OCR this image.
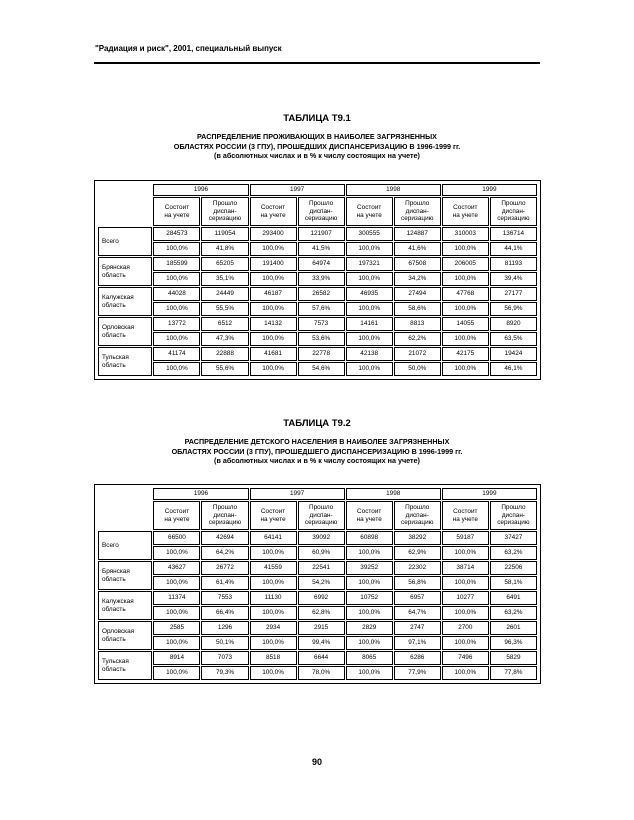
"Радиация и риск", 2001, специальный выпуск
ТАБЛИЦА Т9.1
РАСПРЕДЕЛЕНИЕ ПРОЖИВАЮЩИХ В НАИБОЛЕЕ ЗАГРЯЗНЕННЫХ
ОБЛАСТЯХ РОССИИ (3 ГПУ), ПРОШЕДШИХ ДИСПАНСЕРИЗАЦИЮ В 1996-1999 гг.
(в абсолютных числах и в % к числу состоящих на учете)
	1996		1997		1998		1999	
	Состоит
на учете	Прошло
диспан-
серизацию	Состоит
на учете	Прошло
диспан-
серизацию	Состоит
на учете	Прошло
диспан-
серизацию	Состоит
на учете	Прошло
диспан-
серизацию
Всего	284573	119054	293400	121907	300555	124887	310003	136714
	100,0%	41,8%	100,0%	41,5%	100,0%	41,6%	100,0%	44,1%
Брянская
область	185599	65205	191400	64974	197321	67508	206005	81193
	100,0%	35,1%	100,0%	33,9%	100,0%	34,2%	100,0%	39,4%
Калужская
область	44028	24449	46187	26582	46935	27494	47768	27177
	100,0%	55,5%	100,0%	57,6%	100,0%	58,6%	100,0%	56,9%
Орловская
область	13772	6512	14132	7573	14161	8813	14055	8920
	100,0%	47,3%	100,0%	53,6%	100,0%	62,2%	100,0%	63,5%
Тульская
область	41174	22888	41681	22778	42138	21072	42175	19424
	100,0%	55,6%	100,0%	54,6%	100,0%	50,0%	100,0%	46,1%
ТАБЛИЦА Т9.2
РАСПРЕДЕЛЕНИЕ ДЕТСКОГО НАСЕЛЕНИЯ В НАИБОЛЕЕ ЗАГРЯЗНЕННЫХ
ОБЛАСТЯХ РОССИИ (3 ГПУ), ПРОШЕДШЕГО ДИСПАНСЕРИЗАЦИЮ В 1996-1999 гг.
(в абсолютных числах и в % к числу состоящих на учете)
	1996		1997		1998		1999	
	Состоит
на учете	Прошло
диспан-
серизацию	Состоит
на учете	Прошло
диспан-
серизацию	Состоит
на учете	Прошло
диспан-
серизацию	Состоит
на учете	Прошло
диспан-
серизацию
Всего	66500	42694	64141	39092	60898	38292	59187	37427
	100,0%	64,2%	100,0%	60,9%	100,0%	62,9%	100,0%	63,2%
Брянская
область	43627	26772	41559	22541	39252	22302	38714	22506
	100,0%	61,4%	100,0%	54,2%	100,0%	56,8%	100,0%	58,1%
Калужская
область	11374	7553	11130	6992	10752	6957	10277	6491
	100,0%	66,4%	100,0%	62,8%	100,0%	64,7%	100,0%	63,2%
Орловская
область	2585	1296	2934	2915	2829	2747	2700	2601
	100,0%	50,1%	100,0%	99,4%	100,0%	97,1%	100,0%	96,3%
Тульская
область	8914	7073	8518	6644	8065	6286	7496	5829
	100,0%	79,3%	100,0%	78,0%	100,0%	77,9%	100,0%	77,8%
90
